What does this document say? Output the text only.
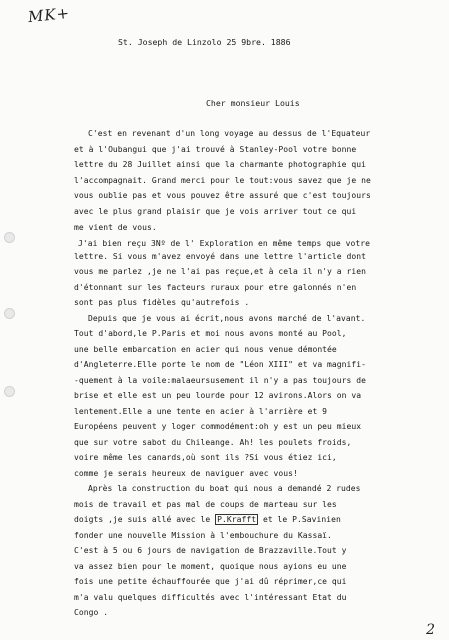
MK+
St. Joseph de Linzolo 25 9bre. 1886
Cher monsieur Louis
C'est en revenant d'un long voyage au dessus de l'Equateur
et à l'Oubangui que j'ai trouvé à Stanley-Pool votre bonne
lettre du 28 Juillet ainsi que la charmante photographie qui
l'accompagnait. Grand merci pour le tout:vous savez que je ne
vous oublie pas et vous pouvez être assuré que c'est toujours
avec le plus grand plaisir que je vois arriver tout ce qui
me vient de vous.
J'ai bien reçu 3Nº de l' Exploration en même temps que votre
lettre. Si vous m'avez envoyé dans une lettre l'article dont
vous me parlez ,je ne l'ai pas reçue,et à cela il n'y a rien
d'étonnant sur les facteurs ruraux pour etre galonnés n'en
sont pas plus fidèles qu'autrefois .
Depuis que je vous ai écrit,nous avons marché de l'avant.
Tout d'abord,le P.Paris et moi nous avons monté au Pool,
une belle embarcation en acier qui nous venue démontée
d'Angleterre.Elle porte le nom de "Léon XIII" et va magnifi-
-quement à la voile:malaeursusement il n'y a pas toujours de
brise et elle est un peu lourde pour 12 avirons.Alors on va
lentement.Elle a une tente en acier à l'arrière et 9
Européens peuvent y loger commodément:oh y est un peu mieux
que sur votre sabot du Chileange. Ah! les poulets froids,
voire même les canards,où sont ils ?Si vous étiez ici,
comme je serais heureux de naviguer avec vous!
Après la construction du boat qui nous a demandé 2 rudes
mois de travail et pas mal de coups de marteau sur les
doigts ,je suis allé avec le P.Krafft et le P.Savinien
fonder une nouvelle Mission à l'embouchure du Kassaï.
C'est à 5 ou 6 jours de navigation de Brazzaville.Tout y
va assez bien pour le moment, quoique nous ayions eu une
fois une petite échauffourée que j'ai dû réprimer,ce qui
m'a valu quelques difficultés avec l'intéressant Etat du
Congo .
2
